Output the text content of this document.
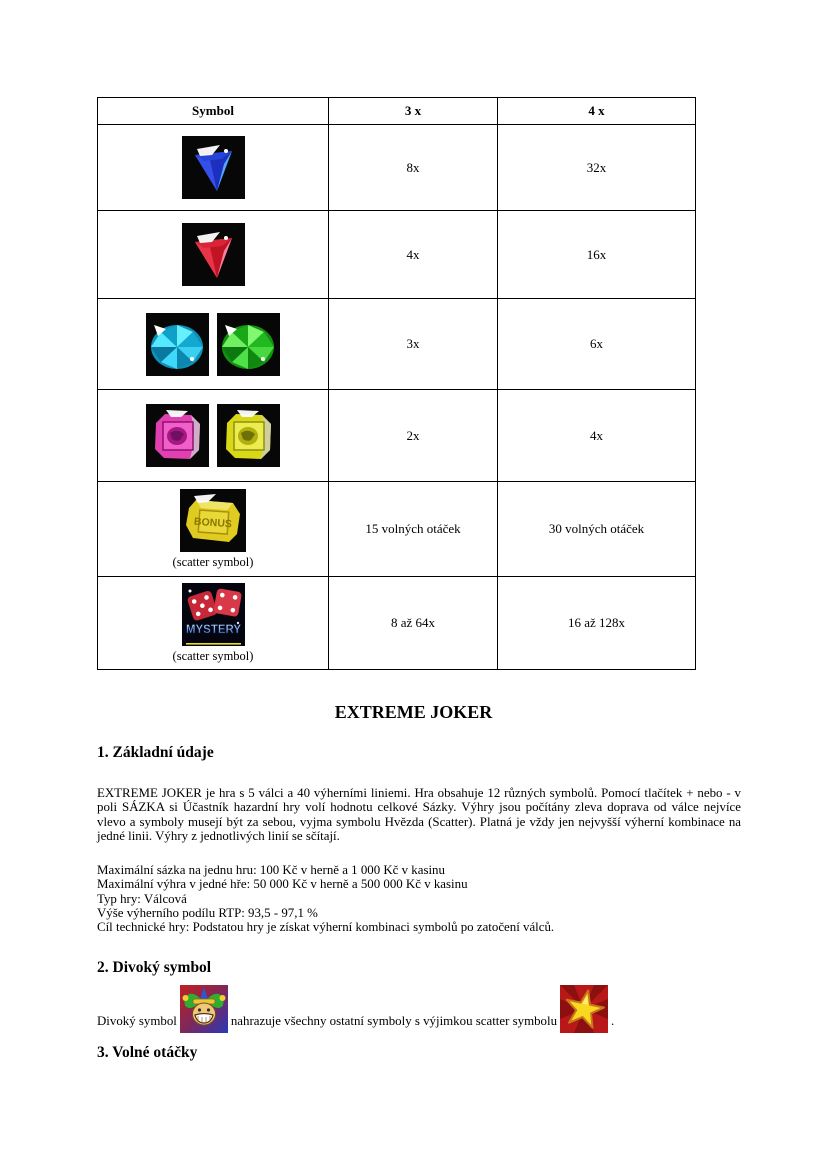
Symbol	3 x	4 x

	8x	32x

	4x	16x

	3x	6x

	2x	4x

BONUS
(scatter symbol)	15 volných otáček	30 volných otáček

MYSTERY
(scatter symbol)	8 až 64x	16 až 128x
EXTREME JOKER
1. Základní údaje
EXTREME JOKER je hra s 5 válci a 40 výherními liniemi. Hra obsahuje 12 různých symbolů. Pomocí tlačítek + nebo - v poli SÁZKA si Účastník hazardní hry volí hodnotu celkové Sázky. Výhry jsou počítány zleva doprava od válce nejvíce vlevo a symboly musejí být za sebou, vyjma symbolu Hvězda (Scatter). Platná je vždy jen nejvyšší výherní kombinace na jedné linii. Výhry z jednotlivých linií se sčítají.
Maximální sázka na jednu hru: 100 Kč v herně a 1 000 Kč v kasinu
Maximální výhra v jedné hře: 50 000 Kč v herně a 500 000 Kč v kasinu
Typ hry: Válcová
Výše výherního podílu RTP: 93,5 - 97,1 %
Cíl technické hry: Podstatou hry je získat výherní kombinaci symbolů po zatočení válců.
2. Divoký symbol
Divoký symbol	nahrazuje všechny ostatní symboly s výjimkou scatter symbolu	.
3. Volné otáčky
